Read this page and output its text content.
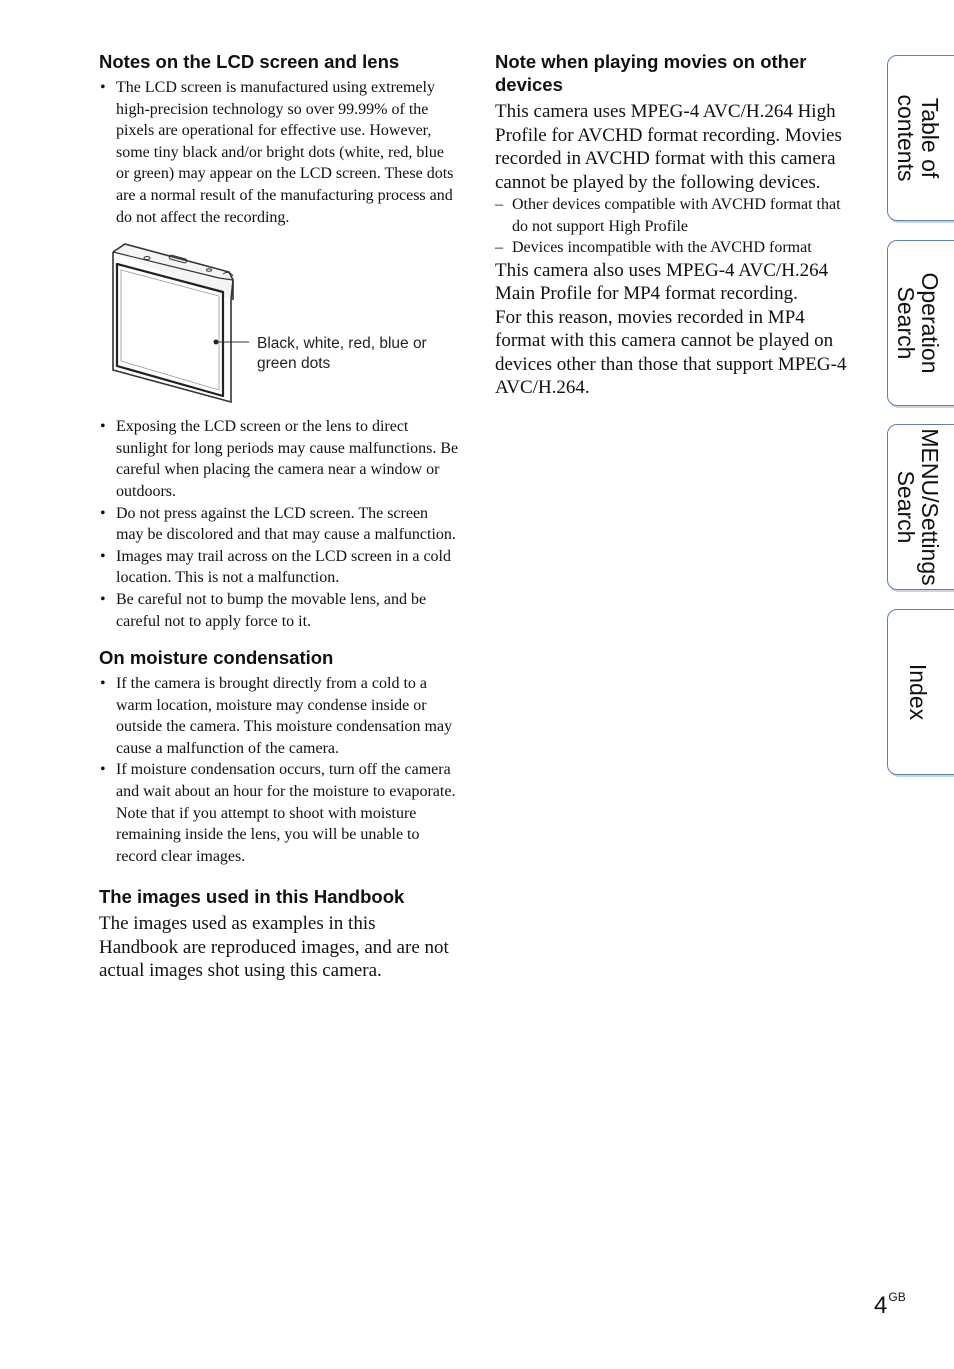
Notes on the LCD screen and lens
• The LCD screen is manufactured using extremely high-precision technology so over 99.99% of the pixels are operational for effective use. However, some tiny black and/or bright dots (white, red, blue or green) may appear on the LCD screen. These dots are a normal result of the manufacturing process and do not affect the recording.
Black, white, red, blue or green dots
• Exposing the LCD screen or the lens to direct sunlight for long periods may cause malfunctions. Be careful when placing the camera near a window or outdoors.
• Do not press against the LCD screen. The screen may be discolored and that may cause a malfunction.
• Images may trail across on the LCD screen in a cold location. This is not a malfunction.
• Be careful not to bump the movable lens, and be careful not to apply force to it.
On moisture condensation
• If the camera is brought directly from a cold to a warm location, moisture may condense inside or outside the camera. This moisture condensation may cause a malfunction of the camera.
• If moisture condensation occurs, turn off the camera and wait about an hour for the moisture to evaporate. Note that if you attempt to shoot with moisture remaining inside the lens, you will be unable to record clear images.
The images used in this Handbook

The images used as examples in this Handbook are reproduced images, and are not actual images shot using this camera.

Note when playing movies on other devices

This camera uses MPEG-4 AVC/H.264 High Profile for AVCHD format recording. Movies recorded in AVCHD format with this camera cannot be played by the following devices.

– Other devices compatible with AVCHD format that do not support High Profile
– Devices incompatible with the AVCHD format

This camera also uses MPEG-4 AVC/H.264 Main Profile for MP4 format recording.

For this reason, movies recorded in MP4 format with this camera cannot be played on devices other than those that support MPEG-4 AVC/H.264.

Table of
contents
Operation
Search
MENU/Settings
Search
Index
$4^{GB}$
